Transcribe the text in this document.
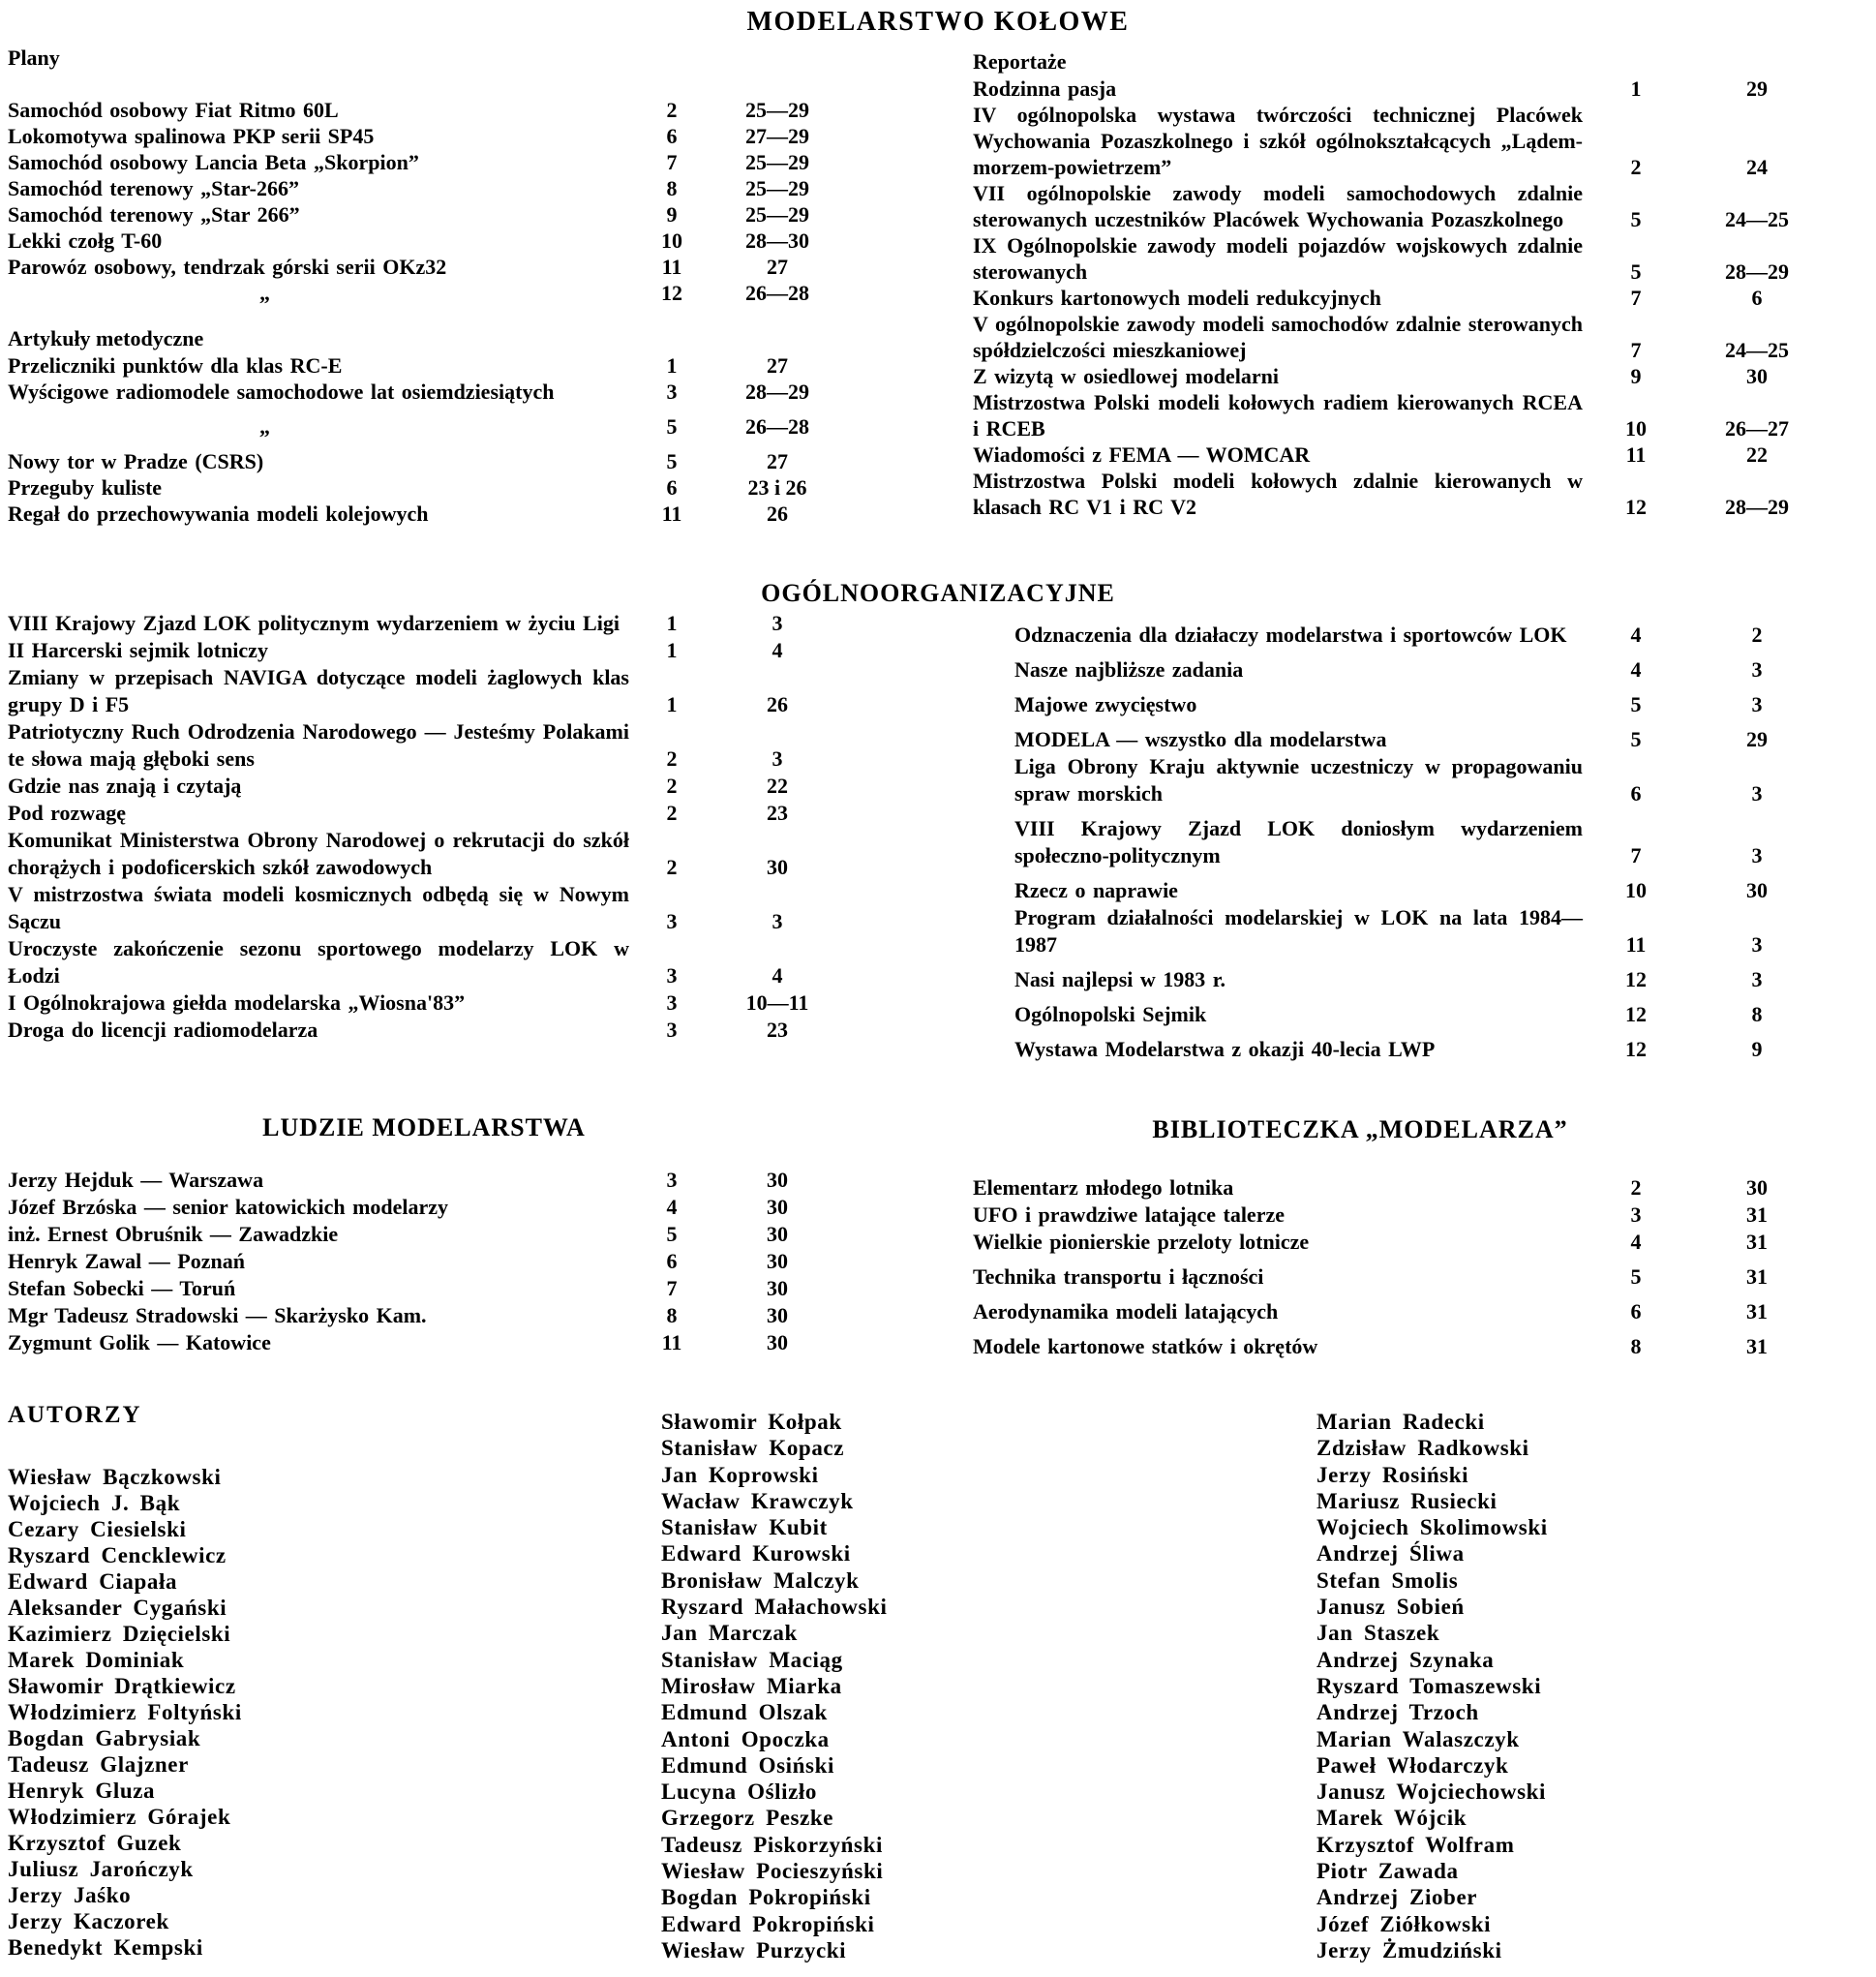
MODELARSTWO KOŁOWE
Plany
Samochód osobowy Fiat Ritmo 60L	2	25—29
Lokomotywa spalinowa PKP serii SP45	6	27—29
Samochód osobowy Lancia Beta „Skorpion”	7	25—29
Samochód terenowy „Star-266”	8	25—29
Samochód terenowy „Star 266”	9	25—29
Lekki czołg T-60	10	28—30
Parowóz osobowy, tendrzak górski serii OKz32	11	27
„	12	26—28
Artykuły metodyczne
Przeliczniki punktów dla klas RC-E	1	27
Wyścigowe radiomodele samochodowe lat osiemdziesiątych	3	28—29
„	5	26—28
Nowy tor w Pradze (CSRS)	5	27
Przeguby kuliste	6	23 i 26
Regał do przechowywania modeli kolejowych	11	26
Reportaże
Rodzinna pasja	1	29
IV ogólnopolska wystawa twórczości technicznej Placówek Wychowania Pozaszkolnego i szkół ogólnokształcących „Lądem-morzem-powietrzem”	2	24
VII ogólnopolskie zawody modeli samochodowych zdalnie sterowanych uczestników Placówek Wychowania Pozaszkolnego	5	24—25
IX Ogólnopolskie zawody modeli pojazdów wojskowych zdalnie sterowanych	5	28—29
Konkurs kartonowych modeli redukcyjnych	7	6
V ogólnopolskie zawody modeli samochodów zdalnie sterowanych spółdzielczości mieszkaniowej	7	24—25
Z wizytą w osiedlowej modelarni	9	30
Mistrzostwa Polski modeli kołowych radiem kierowanych RCEA i RCEB	10	26—27
Wiadomości z FEMA — WOMCAR	11	22
Mistrzostwa Polski modeli kołowych zdalnie kierowanych w klasach RC V1 i RC V2	12	28—29
OGÓLNOORGANIZACYJNE
VIII Krajowy Zjazd LOK politycznym wydarzeniem w życiu Ligi	1	3
II Harcerski sejmik lotniczy	1	4
Zmiany w przepisach NAVIGA dotyczące modeli żaglowych klas grupy D i F5	1	26
Patriotyczny Ruch Odrodzenia Narodowego — Jesteśmy Polakami te słowa mają głęboki sens	2	3
Gdzie nas znają i czytają	2	22
Pod rozwagę	2	23
Komunikat Ministerstwa Obrony Narodowej o rekrutacji do szkół chorążych i podoficerskich szkół zawodowych	2	30
V mistrzostwa świata modeli kosmicznych odbędą się w Nowym Sączu	3	3
Uroczyste zakończenie sezonu sportowego modelarzy LOK w Łodzi	3	4
I Ogólnokrajowa giełda modelarska „Wiosna'83”	3	10—11
Droga do licencji radiomodelarza	3	23
Odznaczenia dla działaczy modelarstwa i sportowców LOK	4	2
Nasze najbliższe zadania	4	3
Majowe zwycięstwo	5	3
MODELA — wszystko dla modelarstwa	5	29
Liga Obrony Kraju aktywnie uczestniczy w propagowaniu spraw morskich	6	3
VIII Krajowy Zjazd LOK doniosłym wydarzeniem społeczno-politycznym	7	3
Rzecz o naprawie	10	30
Program działalności modelarskiej w LOK na lata 1984—1987	11	3
Nasi najlepsi w 1983 r.	12	3
Ogólnopolski Sejmik	12	8
Wystawa Modelarstwa z okazji 40-lecia LWP	12	9
LUDZIE MODELARSTWA
Jerzy Hejduk — Warszawa	3	30
Józef Brzóska — senior katowickich modelarzy	4	30
inż. Ernest Obruśnik — Zawadzkie	5	30
Henryk Zawal — Poznań	6	30
Stefan Sobecki — Toruń	7	30
Mgr Tadeusz Stradowski — Skarżysko Kam.	8	30
Zygmunt Golik — Katowice	11	30
BIBLIOTECZKA „MODELARZA”
Elementarz młodego lotnika	2	30
UFO i prawdziwe latające talerze	3	31
Wielkie pionierskie przeloty lotnicze	4	31
Technika transportu i łączności	5	31
Aerodynamika modeli latających	6	31
Modele kartonowe statków i okrętów	8	31
AUTORZY
Wiesław Bączkowski
Wojciech J. Bąk
Cezary Ciesielski
Ryszard Cencklewicz
Edward Ciapała
Aleksander Cygański
Kazimierz Dzięcielski
Marek Dominiak
Sławomir Drątkiewicz
Włodzimierz Foltyński
Bogdan Gabrysiak
Tadeusz Glajzner
Henryk Gluza
Włodzimierz Górajek
Krzysztof Guzek
Juliusz Jarończyk
Jerzy Jaśko
Jerzy Kaczorek
Benedykt Kempski
Sławomir Kołpak
Stanisław Kopacz
Jan Koprowski
Wacław Krawczyk
Stanisław Kubit
Edward Kurowski
Bronisław Malczyk
Ryszard Małachowski
Jan Marczak
Stanisław Maciąg
Mirosław Miarka
Edmund Olszak
Antoni Opoczka
Edmund Osiński
Lucyna Oślizło
Grzegorz Peszke
Tadeusz Piskorzyński
Wiesław Pocieszyński
Bogdan Pokropiński
Edward Pokropiński
Wiesław Purzycki
Marian Radecki
Zdzisław Radkowski
Jerzy Rosiński
Mariusz Rusiecki
Wojciech Skolimowski
Andrzej Śliwa
Stefan Smolis
Janusz Sobień
Jan Staszek
Andrzej Szynaka
Ryszard Tomaszewski
Andrzej Trzoch
Marian Walaszczyk
Paweł Włodarczyk
Janusz Wojciechowski
Marek Wójcik
Krzysztof Wolfram
Piotr Zawada
Andrzej Ziober
Józef Ziółkowski
Jerzy Żmudziński
